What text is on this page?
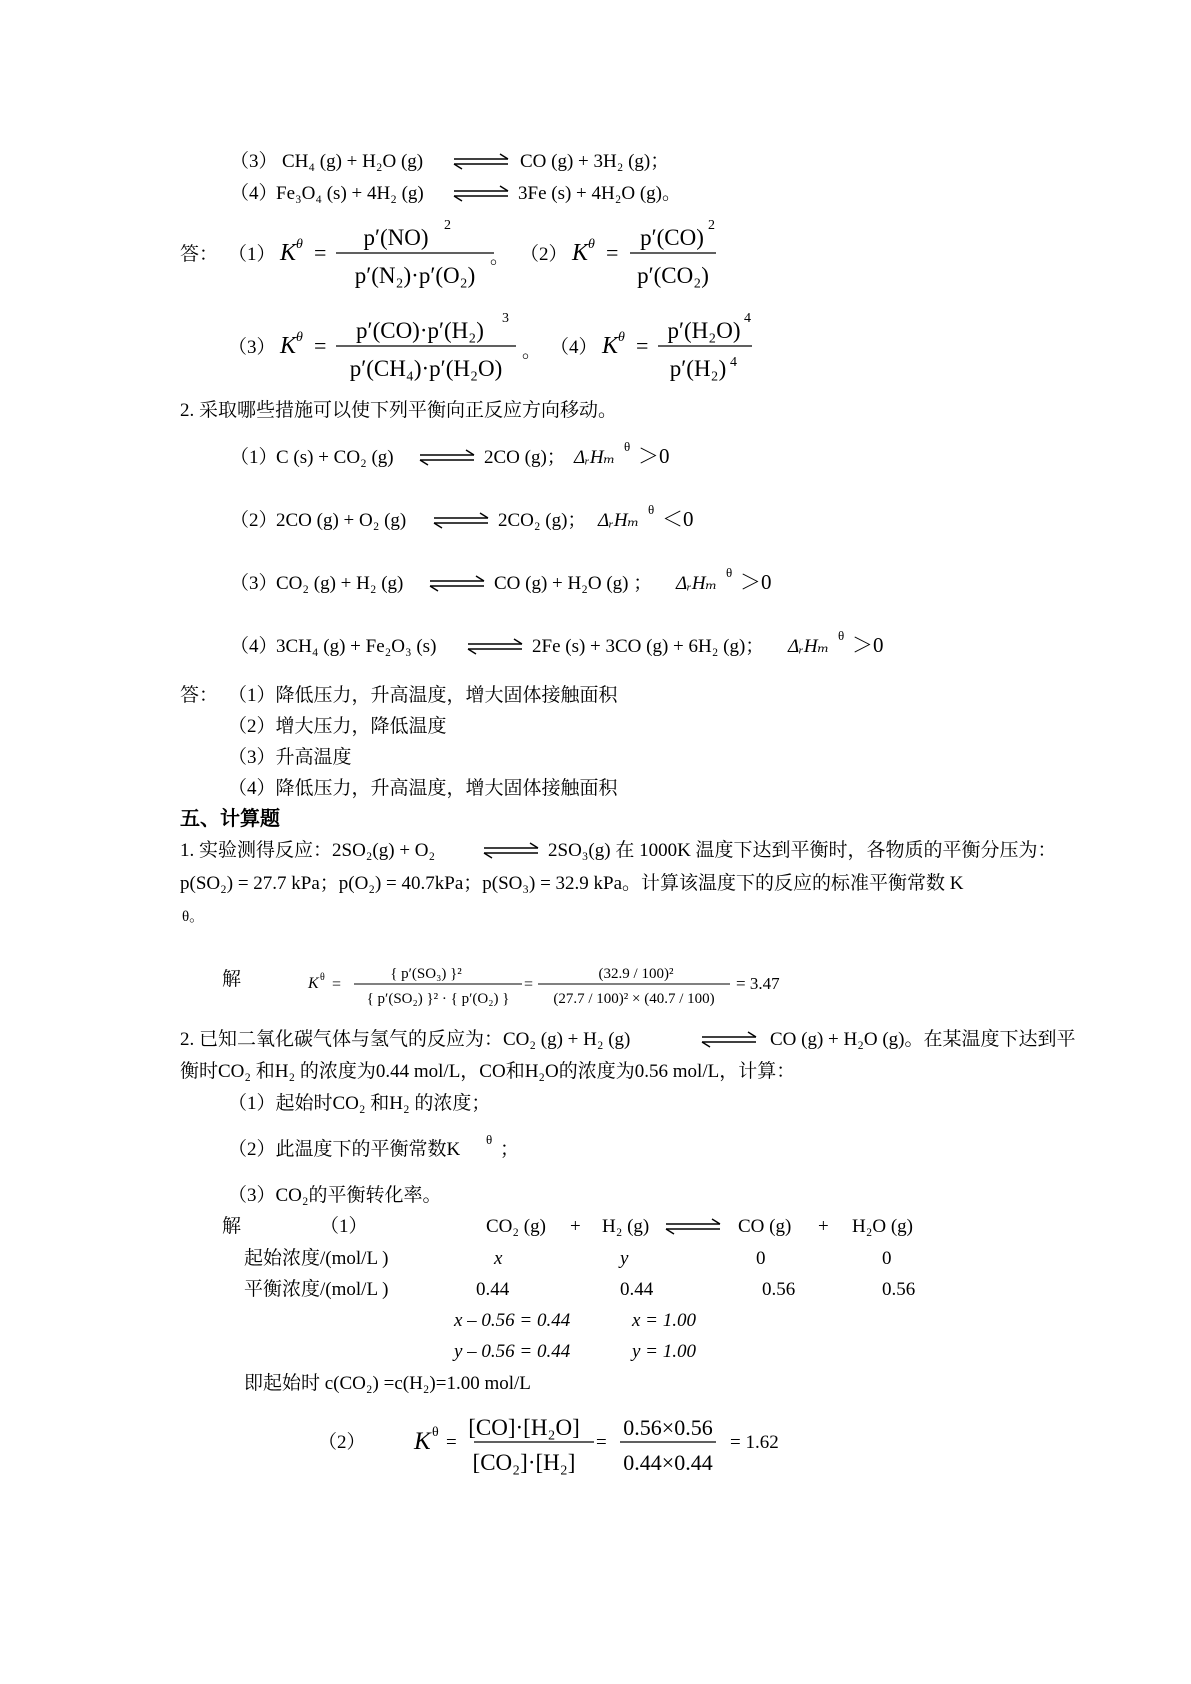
（3） CH₄ (g) + H₂O (g) ⇌ CO (g) + 3H₂ (g)；
（4）
Fe₃O₄ (s) + 4H₂ (g) ⇌ 3Fe (s) + 4H₂O (g)。
答： （1） K θ =
p′(NO) 2
p′(N₂)·p′(O₂)
。 （2） K θ =
p′(CO) 2
p′(CO₂)
（3） K θ =
p′(CO)·p′(H₂) 3
p′(CH₄)·p′(H₂O)
。 （4） K θ =
p′(H₂O) 4
p′(H₂) 4
2. 采取哪些措施可以使下列平衡向正反应方向移动。
（1）
C (s) + CO₂ (g) ⇌ 2CO (g)； ΔᵣHₘ
θ ＞0
（2）
2CO (g) + O₂ (g) ⇌ 2CO₂ (g)； ΔᵣHₘ
θ ＜0
（3）
CO₂ (g) + H₂ (g) ⇌ CO (g) + H₂O (g) ； ΔᵣHₘ
θ ＞0
（4）
3CH₄ (g) + Fe₂O₃ (s) ⇌ 2Fe (s) + 3CO (g) + 6H₂ (g)； ΔᵣHₘ
θ ＞0
答： （1）降低压力，升高温度，增大固体接触面积
（2）增大压力，降低温度
（3）升高温度
（4）降低压力，升高温度，增大固体接触面积
五、计算题
1. 实验测得反应：2SO₂(g) + O₂	⇌ 2SO₃(g) 在 1000K 温度下达到平衡时，各物质的平衡分压为：
p(SO₂) = 27.7 kPa；p(O₂) = 40.7kPa；p(SO₃) = 32.9 kPa。计算该温度下的反应的标准平衡常数 K
θ。
解	K θ =
{ p′(SO₃) }²
{ p′(SO₂) }² · { p′(O₂) }
=
(32.9 / 100)²
(27.7 / 100)² × (40.7 / 100)
= 3.47
2. 已知二氧化碳气体与氢气的反应为：CO₂ (g) + H₂ (g)	⇌ CO (g) + H₂O (g)。在某温度下达到平
衡时CO₂ 和H₂ 的浓度为0.44 mol/L，CO和H₂O的浓度为0.56 mol/L，计算：
（1）起始时CO₂ 和H₂ 的浓度；
（2）此温度下的平衡常数K θ ；
（3）CO₂的平衡转化率。
解	（1）	CO₂ (g) + H₂ (g) ⇌ CO (g) + H₂O (g)
起始浓度/(mol/L )	x	y	0	0
平衡浓度/(mol/L )	0.44	0.44	0.56	0.56
x – 0.56 = 0.44	x = 1.00
y – 0.56 = 0.44	y = 1.00
即起始时 c(CO₂) =c(H₂)=1.00 mol/L
（2） K θ =
[CO]·[H₂O]
[CO₂]·[H₂]
=
0.56×0.56
0.44×0.44
= 1.62
